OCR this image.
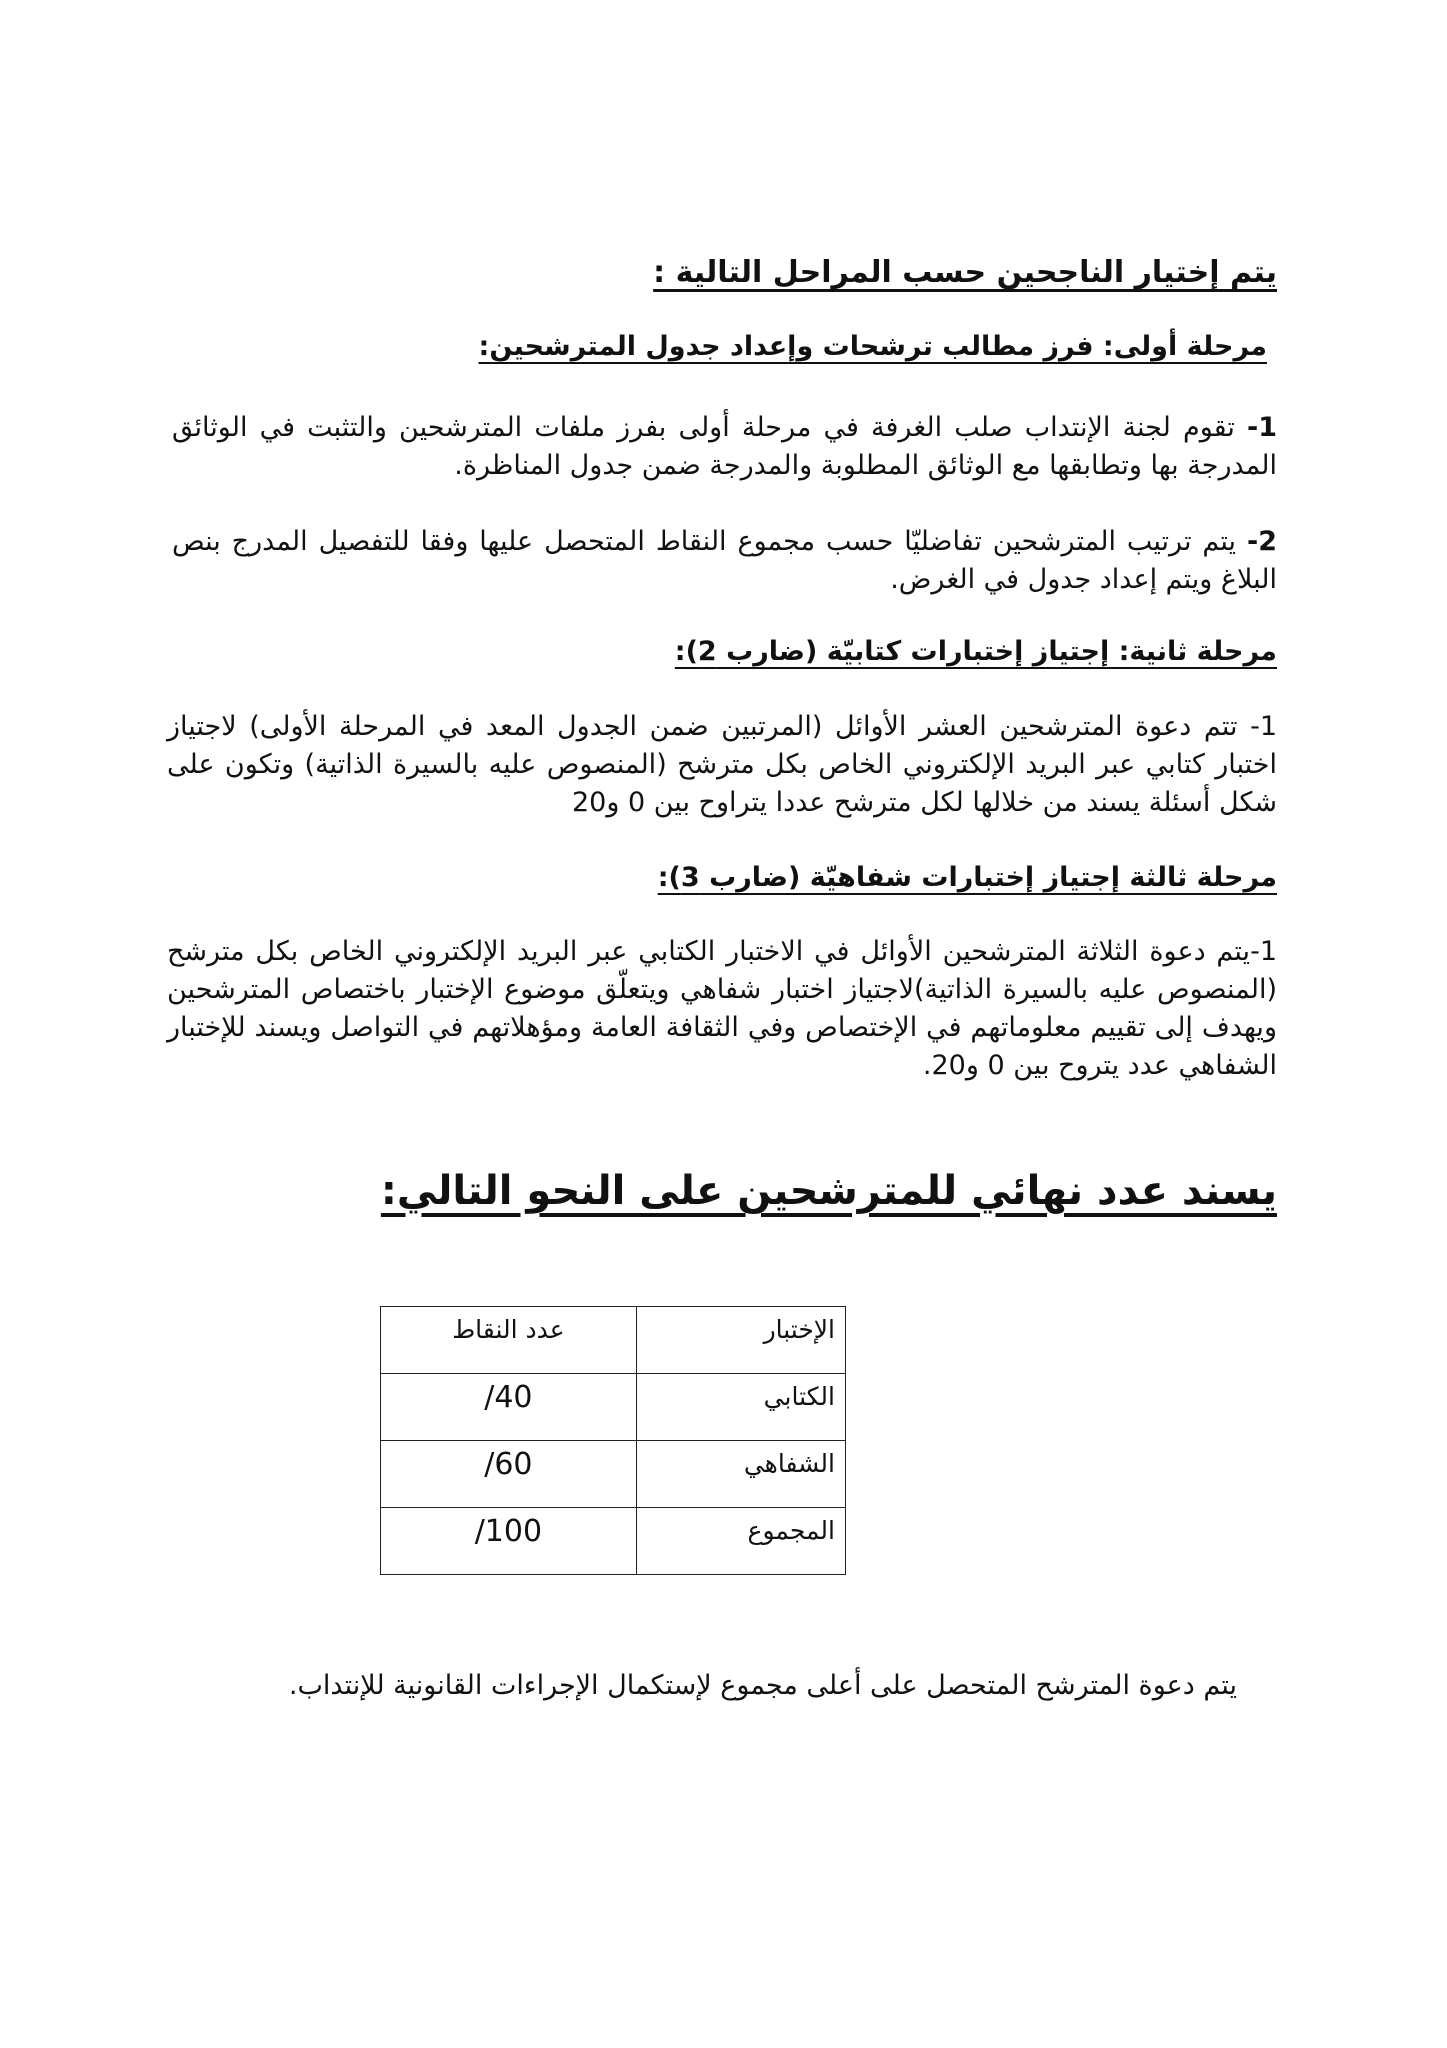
يتم إختيار الناجحين حسب المراحل التالية :
مرحلة أولى: فرز مطالب ترشحات وإعداد جدول المترشحين:
1- تقوم لجنة الإنتداب صلب الغرفة في مرحلة أولى بفرز ملفات المترشحين والتثبت في الوثائق المدرجة بها وتطابقها مع الوثائق المطلوبة والمدرجة ضمن جدول المناظرة.
2- يتم ترتيب المترشحين تفاضليّا حسب مجموع النقاط المتحصل عليها وفقا للتفصيل المدرج بنص البلاغ ويتم إعداد جدول في الغرض.
مرحلة ثانية: إجتياز إختبارات كتابيّة (ضارب 2):
1- تتم دعوة المترشحين العشر الأوائل (المرتبين ضمن الجدول المعد في المرحلة الأولى) لاجتياز اختبار كتابي عبر البريد الإلكتروني الخاص بكل مترشح (المنصوص عليه بالسيرة الذاتية) وتكون على شكل أسئلة يسند من خلالها لكل مترشح عددا يتراوح بين 0 و20
مرحلة ثالثة إجتياز إختبارات شفاهيّة (ضارب 3):
1-يتم دعوة الثلاثة المترشحين الأوائل في الاختبار الكتابي عبر البريد الإلكتروني الخاص بكل مترشح (المنصوص عليه بالسيرة الذاتية)لاجتياز اختبار شفاهي ويتعلّق موضوع الإختبار باختصاص المترشحين ويهدف إلى تقييم معلوماتهم في الإختصاص وفي الثقافة العامة ومؤهلاتهم في التواصل ويسند للإختبار الشفاهي عدد يتروح بين 0 و20.
يسند عدد نهائي للمترشحين على النحو التالي:
الإختبار	عدد النقاط
الكتابي	40/
الشفاهي	60/
المجموع	100/
يتم دعوة المترشح المتحصل على أعلى مجموع لإستكمال الإجراءات القانونية للإنتداب.
